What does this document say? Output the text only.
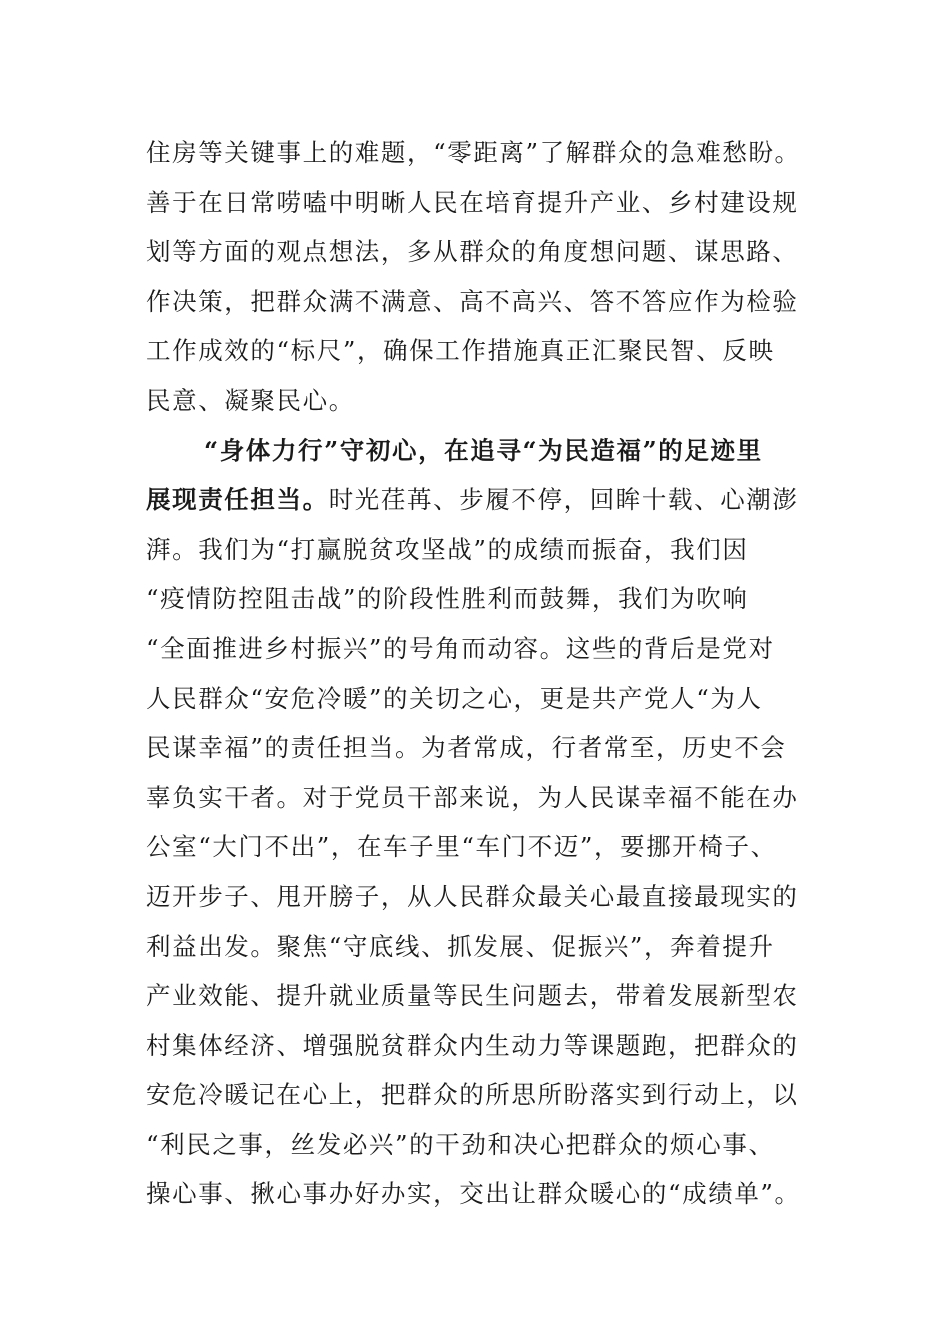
住房等关键事上的难题，“零距离”了解群众的急难愁盼。
善于在日常唠嗑中明晰人民在培育提升产业、乡村建设规
划等方面的观点想法，多从群众的角度想问题、谋思路、
作决策，把群众满不满意、高不高兴、答不答应作为检验
工作成效的“标尺”，确保工作措施真正汇聚民智、反映
民意、凝聚民心。
“身体力行”守初心，在追寻“为民造福”的足迹里
展现责任担当。时光荏苒、步履不停，回眸十载、心潮澎
湃。我们为“打赢脱贫攻坚战”的成绩而振奋，我们因
“疫情防控阻击战”的阶段性胜利而鼓舞，我们为吹响
“全面推进乡村振兴”的号角而动容。这些的背后是党对
人民群众“安危冷暖”的关切之心，更是共产党人“为人
民谋幸福”的责任担当。为者常成，行者常至，历史不会
辜负实干者。对于党员干部来说，为人民谋幸福不能在办
公室“大门不出”，在车子里“车门不迈”，要挪开椅子、
迈开步子、甩开膀子，从人民群众最关心最直接最现实的
利益出发。聚焦“守底线、抓发展、促振兴”，奔着提升
产业效能、提升就业质量等民生问题去，带着发展新型农
村集体经济、增强脱贫群众内生动力等课题跑，把群众的
安危冷暖记在心上，把群众的所思所盼落实到行动上，以
“利民之事，丝发必兴”的干劲和决心把群众的烦心事、
操心事、揪心事办好办实，交出让群众暖心的“成绩单”。
